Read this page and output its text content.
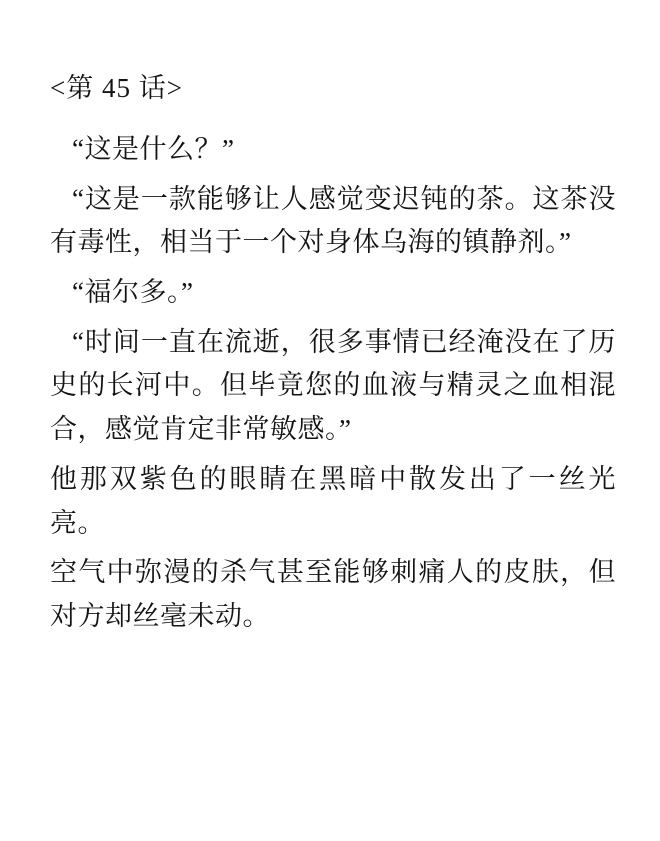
<第 45 话>

“这是什么？”

“这是一款能够让人感觉变迟钝的茶。这茶没有毒性，相当于一个对身体乌海的镇静剂。”

“福尔多。”

“时间一直在流逝，很多事情已经淹没在了历史的长河中。但毕竟您的血液与精灵之血相混合，感觉肯定非常敏感。”

他那双紫色的眼睛在黑暗中散发出了一丝光亮。

空气中弥漫的杀气甚至能够刺痛人的皮肤，但对方却丝毫未动。
